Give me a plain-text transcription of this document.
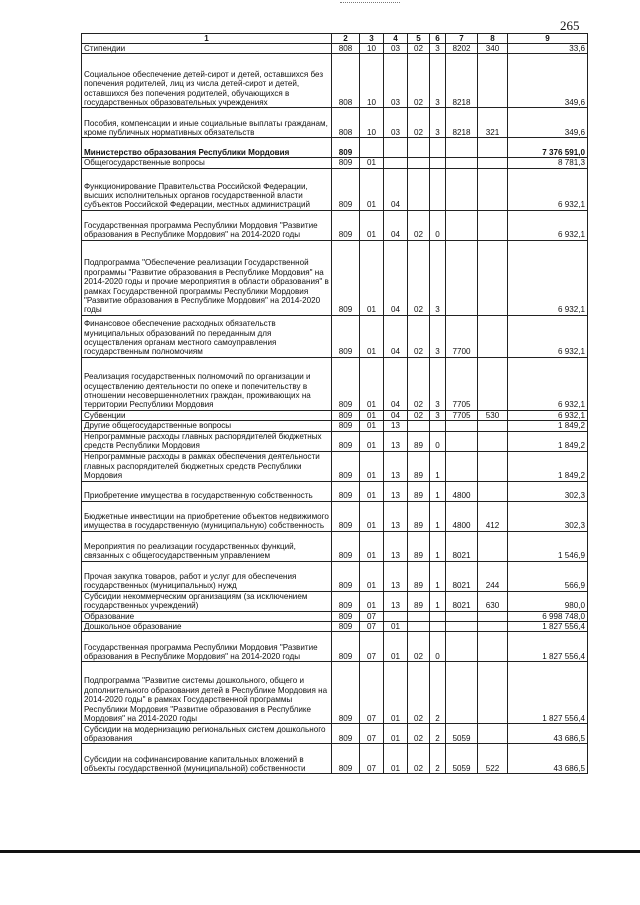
265
1	2	3	4	5	6	7	8	9
Стипендии	808	10	03	02	3	8202	340	33,6
Социальное обеспечение детей-сирот и детей, оставшихся без попечения родителей, лиц из числа детей-сирот и детей, оставшихся без попечения родителей, обучающихся в государственных образовательных учреждениях	808	10	03	02	3	8218		349,6
Пособия, компенсации и иные социальные выплаты гражданам, кроме публичных нормативных обязательств	808	10	03	02	3	8218	321	349,6
Министерство образования Республики Мордовия	809							7 376 591,0
Общегосударственные вопросы	809	01						8 781,3
Функционирование Правительства Российской Федерации, высших исполнительных органов государственной власти субъектов Российской Федерации, местных администраций	809	01	04					6 932,1
Государственная программа Республики Мордовия "Развитие образования в Республике Мордовия" на 2014-2020 годы	809	01	04	02	0			6 932,1
Подпрограмма "Обеспечение реализации Государственной программы "Развитие образования в Республике Мордовия" на 2014-2020 годы и прочие мероприятия в области образования" в рамках Государственной программы Республики Мордовия "Развитие образования в Республике Мордовия" на 2014-2020 годы	809	01	04	02	3			6 932,1
Финансовое обеспечение расходных обязательств муниципальных образований по переданным для осуществления органам местного самоуправления государственным полномочиям	809	01	04	02	3	7700		6 932,1
Реализация государственных полномочий по организации и осуществлению деятельности по опеке и попечительству в отношении несовершеннолетних граждан, проживающих на территории Республики Мордовия	809	01	04	02	3	7705		6 932,1
Субвенции	809	01	04	02	3	7705	530	6 932,1
Другие общегосударственные вопросы	809	01	13					1 849,2
Непрограммные расходы главных распорядителей бюджетных средств Республики Мордовия	809	01	13	89	0			1 849,2
Непрограммные расходы в рамках обеспечения деятельности главных распорядителей бюджетных средств Республики Мордовия	809	01	13	89	1			1 849,2
Приобретение имущества в государственную собственность	809	01	13	89	1	4800		302,3
Бюджетные инвестиции на приобретение объектов недвижимого имущества в государственную (муниципальную) собственность	809	01	13	89	1	4800	412	302,3
Мероприятия по реализации государственных функций, связанных с общегосударственным управлением	809	01	13	89	1	8021		1 546,9
Прочая закупка товаров, работ и услуг для обеспечения государственных (муниципальных) нужд	809	01	13	89	1	8021	244	566,9
Субсидии некоммерческим организациям (за исключением государственных учреждений)	809	01	13	89	1	8021	630	980,0
Образование	809	07						6 998 748,0
Дошкольное образование	809	07	01					1 827 556,4
Государственная программа Республики Мордовия "Развитие образования в Республике Мордовия" на 2014-2020 годы	809	07	01	02	0			1 827 556,4
Подпрограмма "Развитие системы дошкольного, общего и дополнительного образования детей в Республике Мордовия на 2014-2020 годы" в рамках Государственной программы Республики Мордовия "Развитие образования в Республике Мордовия" на 2014-2020 годы	809	07	01	02	2			1 827 556,4
Субсидии на модернизацию региональных систем дошкольного образования	809	07	01	02	2	5059		43 686,5
Субсидии на софинансирование капитальных вложений в объекты государственной (муниципальной) собственности	809	07	01	02	2	5059	522	43 686,5
